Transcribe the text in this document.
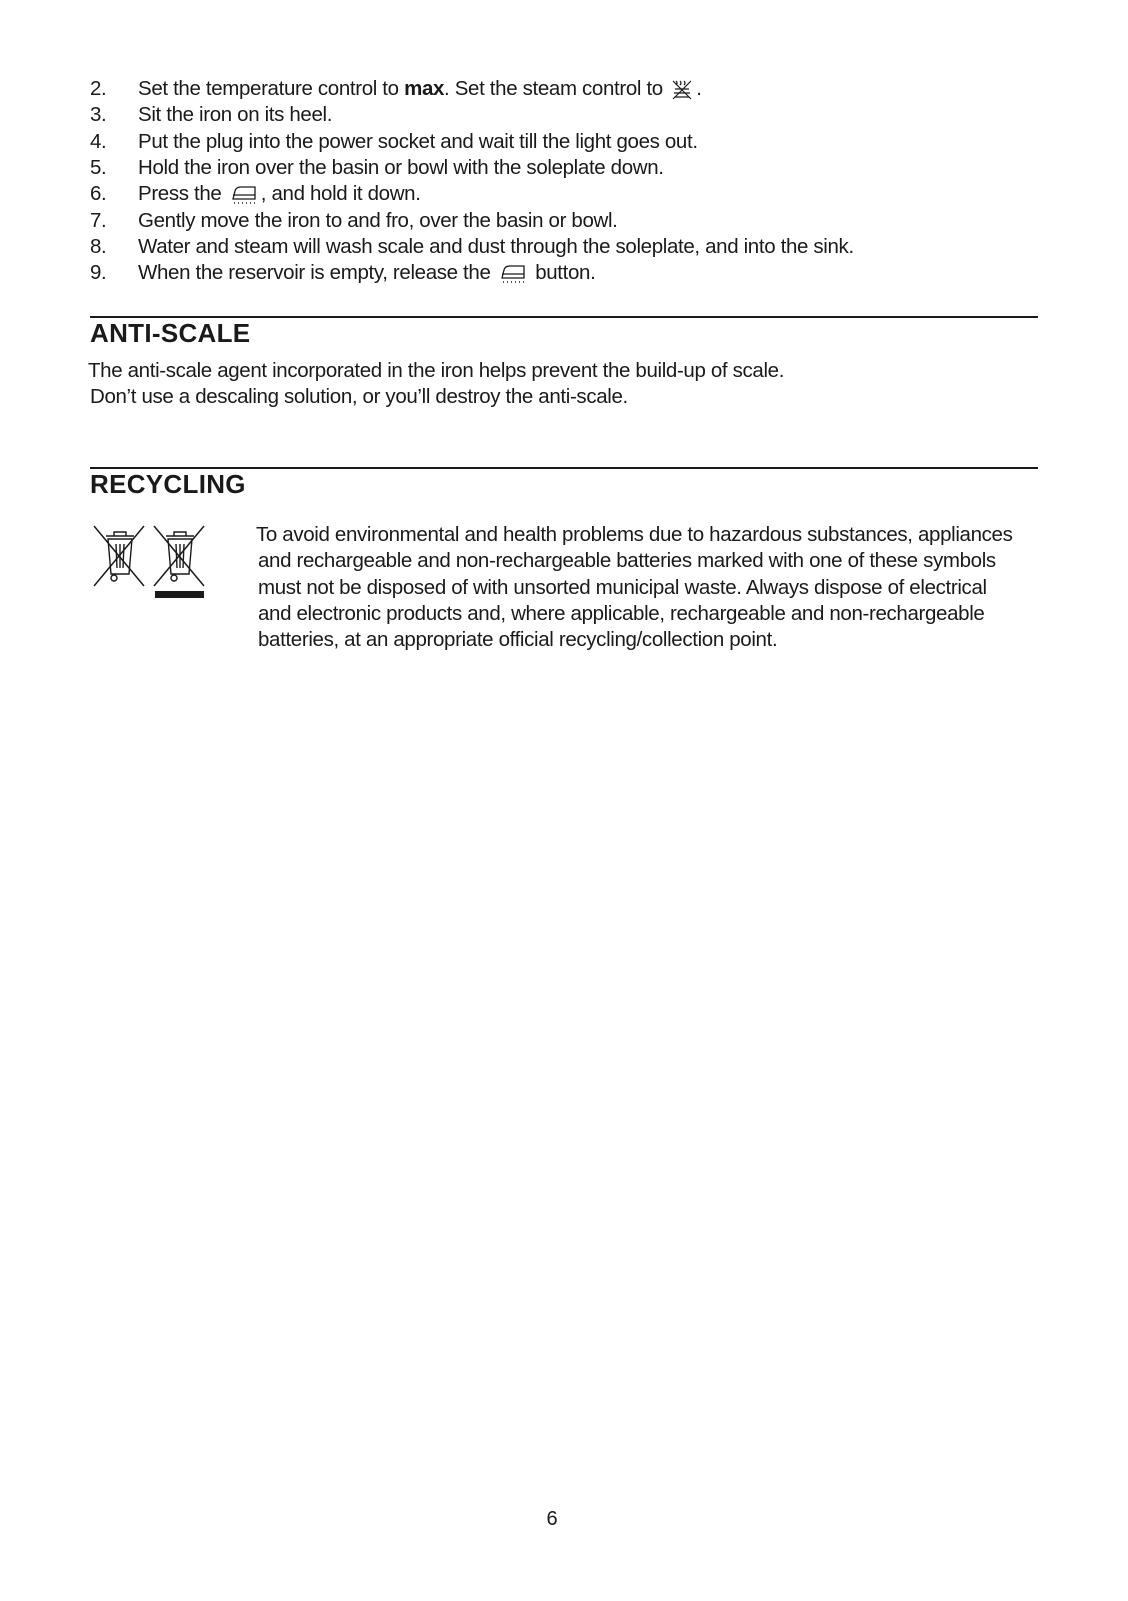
2.	Set the temperature control to max. Set the steam control to
.
3.	Sit the iron on its heel.
4.	Put the plug into the power socket and wait till the light goes out.
5.	Hold the iron over the basin or bowl with the soleplate down.
6.	Press the
, and hold it down.
7.	Gently move the iron to and fro, over the basin or bowl.
8.	Water and steam will wash scale and dust through the soleplate, and into the sink.
9.	When the reservoir is empty, release the
button.
ANTI-SCALE
The anti-scale agent incorporated in the iron helps prevent the build-up of scale.
Don’t use a descaling solution, or you’ll destroy the anti-scale.
RECYCLING
To avoid environmental and health problems due to hazardous substances, appliances
and rechargeable and non-rechargeable batteries marked with one of these symbols
must not be disposed of with unsorted municipal waste. Always dispose of electrical
and electronic products and, where applicable, rechargeable and non-rechargeable
batteries, at an appropriate official recycling/collection point.
6
